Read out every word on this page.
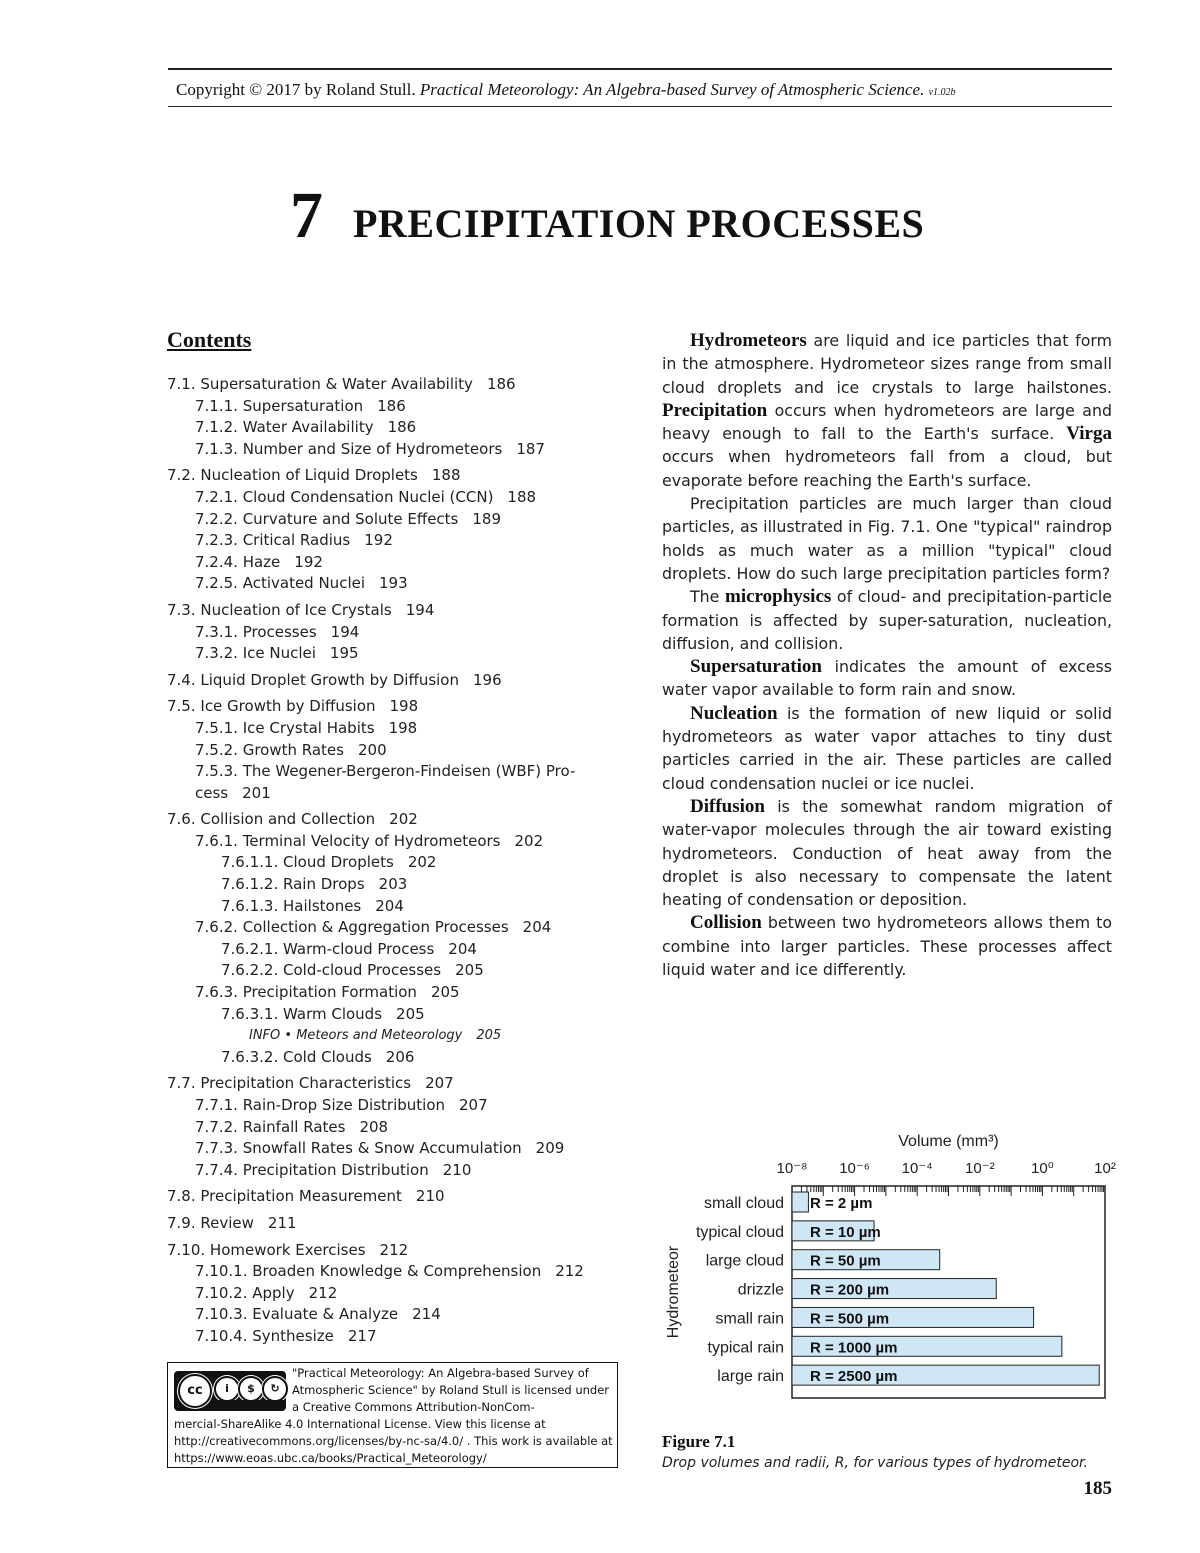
Copyright © 2017 by Roland Stull. Practical Meteorology: An Algebra-based Survey of Atmospheric Science. v1.02b
7 PRECIPITATION PROCESSES
Contents
7.1. Supersaturation & Water Availability 186
7.1.1. Supersaturation 186
7.1.2. Water Availability 186
7.1.3. Number and Size of Hydrometeors 187
7.2. Nucleation of Liquid Droplets 188
7.2.1. Cloud Condensation Nuclei (CCN) 188
7.2.2. Curvature and Solute Effects 189
7.2.3. Critical Radius 192
7.2.4. Haze 192
7.2.5. Activated Nuclei 193
7.3. Nucleation of Ice Crystals 194
7.3.1. Processes 194
7.3.2. Ice Nuclei 195
7.4. Liquid Droplet Growth by Diffusion 196
7.5. Ice Growth by Diffusion 198
7.5.1. Ice Crystal Habits 198
7.5.2. Growth Rates 200
7.5.3. The Wegener-Bergeron-Findeisen (WBF) Pro-
cess 201
7.6. Collision and Collection 202
7.6.1. Terminal Velocity of Hydrometeors 202
7.6.1.1. Cloud Droplets 202
7.6.1.2. Rain Drops 203
7.6.1.3. Hailstones 204
7.6.2. Collection & Aggregation Processes 204
7.6.2.1. Warm-cloud Process 204
7.6.2.2. Cold-cloud Processes 205
7.6.3. Precipitation Formation 205
7.6.3.1. Warm Clouds 205
INFO • Meteors and Meteorology 205
7.6.3.2. Cold Clouds 206
7.7. Precipitation Characteristics 207
7.7.1. Rain-Drop Size Distribution 207
7.7.2. Rainfall Rates 208
7.7.3. Snowfall Rates & Snow Accumulation 209
7.7.4. Precipitation Distribution 210
7.8. Precipitation Measurement 210
7.9. Review 211
7.10. Homework Exercises 212
7.10.1. Broaden Knowledge & Comprehension 212
7.10.2. Apply 212
7.10.3. Evaluate & Analyze 214
7.10.4. Synthesize 217
cc	i	$	↻
"Practical Meteorology: An Algebra-based Survey of Atmospheric Science" by Roland Stull is licensed under a Creative Commons Attribution-NonCom-
mercial-ShareAlike 4.0 International License. View this license at http://creativecommons.org/licenses/by-nc-sa/4.0/ . This work is available at https://www.eoas.ubc.ca/books/Practical_Meteorology/

Hydrometeors are liquid and ice particles that form in the atmosphere. Hydrometeor sizes range from small cloud droplets and ice crystals to large hailstones. Precipitation occurs when hydrometeors are large and heavy enough to fall to the Earth's surface. Virga occurs when hydrometeors fall from a cloud, but evaporate before reaching the Earth's surface.

Precipitation particles are much larger than cloud particles, as illustrated in Fig. 7.1. One "typical" raindrop holds as much water as a million "typical" cloud droplets. How do such large precipitation particles form?

The microphysics of cloud- and precipitation-particle formation is affected by super-saturation, nucleation, diffusion, and collision.

Supersaturation indicates the amount of excess water vapor available to form rain and snow.

Nucleation is the formation of new liquid or solid hydrometeors as water vapor attaches to tiny dust particles carried in the air. These particles are called cloud condensation nuclei or ice nuclei.

Diffusion is the somewhat random migration of water-vapor molecules through the air toward existing hydrometeors. Conduction of heat away from the droplet is also necessary to compensate the latent heating of condensation or deposition.

Collision between two hydrometeors allows them to combine into larger particles. These processes affect liquid water and ice differently.

Volume (mm³)
10⁻⁸ 10⁻⁶ 10⁻⁴ 10⁻² 10⁰	10²
Hydrometeor
small cloud R = 2 µm
typical cloud R = 10 µm
large cloud R = 50 µm
drizzle R = 200 µm
small rain R = 500 µm
typical rain R = 1000 µm
large rain R = 2500 µm
Figure 7.1
Drop volumes and radii, R, for various types of hydrometeor.
185
